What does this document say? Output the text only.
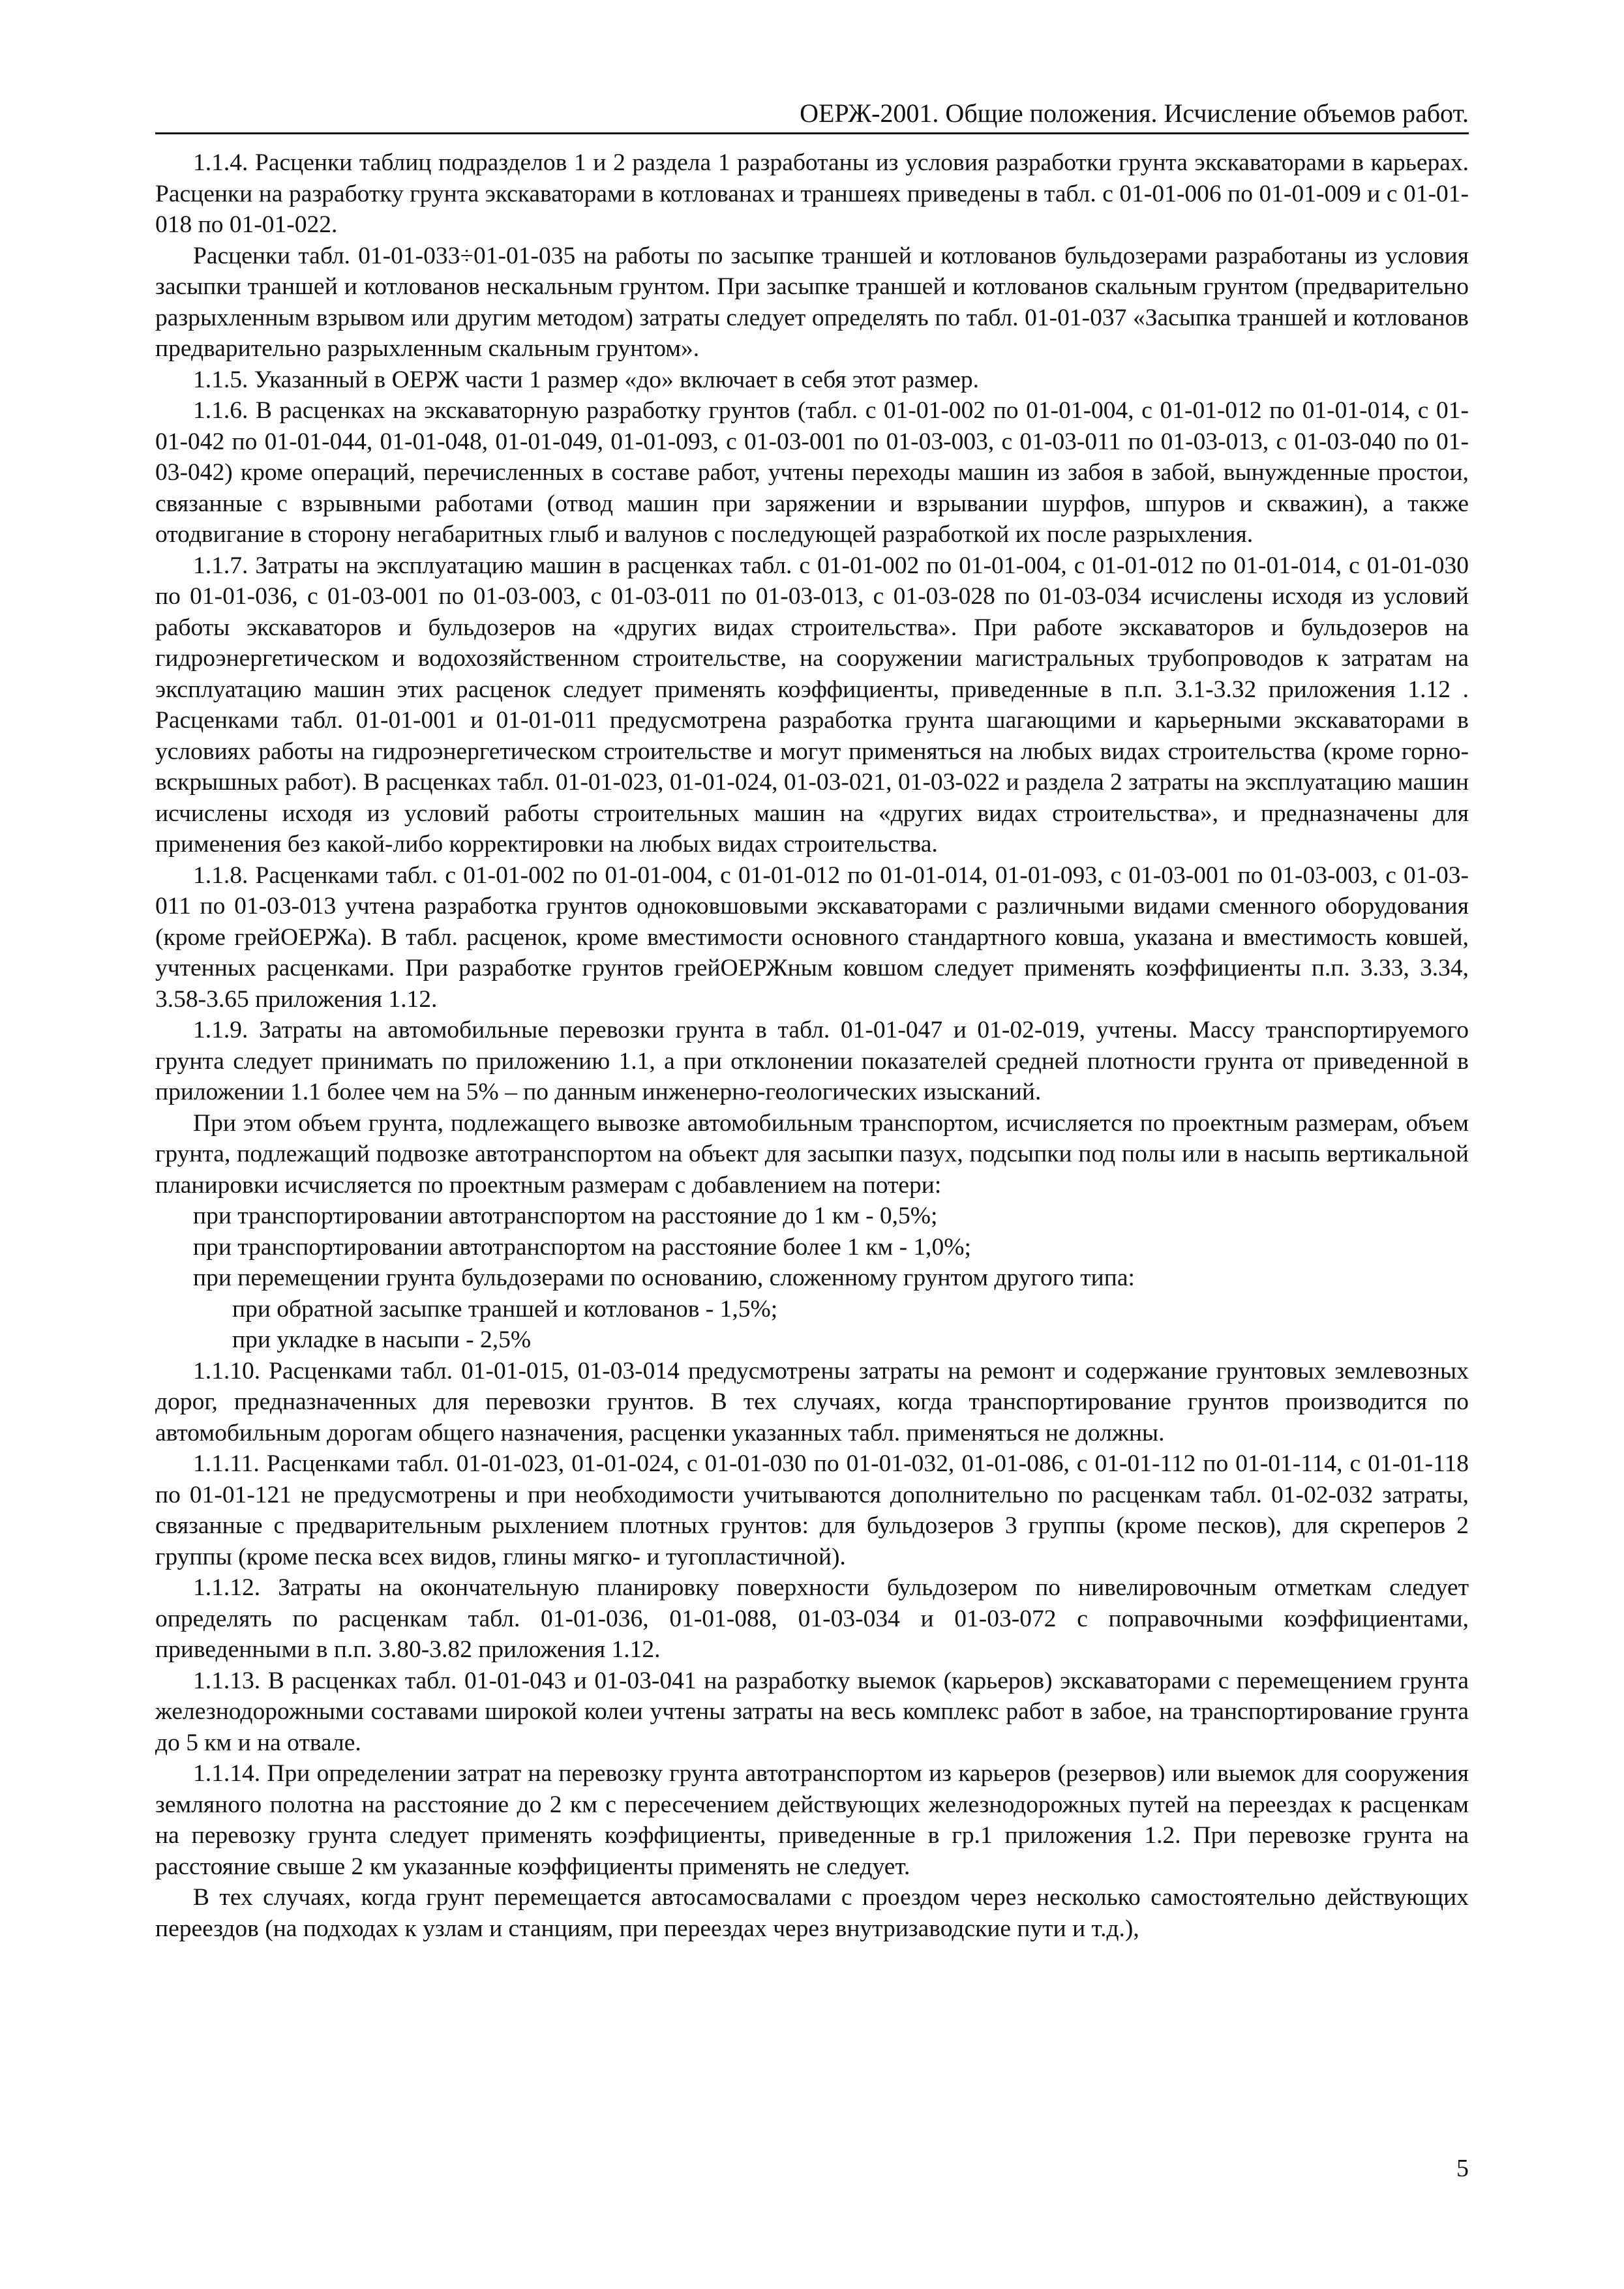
ОЕРЖ-2001. Общие положения. Исчисление объемов работ.

1.1.4. Расценки таблиц подразделов 1 и 2 раздела 1 разработаны из условия разработки грунта экскаваторами в карьерах. Расценки на разработку грунта экскаваторами в котлованах и траншеях приведены в табл. с 01-01-006 по 01-01-009 и с 01-01-018 по 01-01-022.

Расценки табл. 01-01-033÷01-01-035 на работы по засыпке траншей и котлованов бульдозерами разработаны из условия засыпки траншей и котлованов нескальным грунтом. При засыпке траншей и котлованов скальным грунтом (предварительно разрыхленным взрывом или другим методом) затраты следует определять по табл. 01-01-037 «Засыпка траншей и котлованов предварительно разрыхленным скальным грунтом».

1.1.5. Указанный в ОЕРЖ части 1 размер «до» включает в себя этот размер.

1.1.6. В расценках на экскаваторную разработку грунтов (табл. с 01-01-002 по 01-01-004, с 01-01-012 по 01-01-014, с 01-01-042 по 01-01-044, 01-01-048, 01-01-049, 01-01-093, с 01-03-001 по 01-03-003, с 01-03-011 по 01-03-013, с 01-03-040 по 01-03-042) кроме операций, перечисленных в составе работ, учтены переходы машин из забоя в забой, вынужденные простои, связанные с взрывными работами (отвод машин при заряжении и взрывании шурфов, шпуров и скважин), а также отодвигание в сторону негабаритных глыб и валунов с последующей разработкой их после разрыхления.

1.1.7. Затраты на эксплуатацию машин в расценках табл. с 01-01-002 по 01-01-004, с 01-01-012 по 01-01-014, с 01-01-030 по 01-01-036, с 01-03-001 по 01-03-003, с 01-03-011 по 01-03-013, с 01-03-028 по 01-03-034 исчислены исходя из условий работы экскаваторов и бульдозеров на «других видах строительства». При работе экскаваторов и бульдозеров на гидроэнергетическом и водохозяйственном строительстве, на сооружении магистральных трубопроводов к затратам на эксплуатацию машин этих расценок следует применять коэффициенты, приведенные в п.п. 3.1-3.32 приложения 1.12 . Расценками табл. 01-01-001 и 01-01-011 предусмотрена разработка грунта шагающими и карьерными экскаваторами в условиях работы на гидроэнергетическом строительстве и могут применяться на любых видах строительства (кроме горно-вскрышных работ). В расценках табл. 01-01-023, 01-01-024, 01-03-021, 01-03-022 и раздела 2 затраты на эксплуатацию машин исчислены исходя из условий работы строительных машин на «других видах строительства», и предназначены для применения без какой-либо корректировки на любых видах строительства.

1.1.8. Расценками табл. с 01-01-002 по 01-01-004, с 01-01-012 по 01-01-014, 01-01-093, с 01-03-001 по 01-03-003, с 01-03-011 по 01-03-013 учтена разработка грунтов одноковшовыми экскаваторами с различными видами сменного оборудования (кроме грейОЕРЖа). В табл. расценок, кроме вместимости основного стандартного ковша, указана и вместимость ковшей, учтенных расценками. При разработке грунтов грейОЕРЖным ковшом следует применять коэффициенты п.п. 3.33, 3.34, 3.58-3.65 приложения 1.12.

1.1.9. Затраты на автомобильные перевозки грунта в табл. 01-01-047 и 01-02-019, учтены. Массу транспортируемого грунта следует принимать по приложению 1.1, а при отклонении показателей средней плотности грунта от приведенной в приложении 1.1 более чем на 5% – по данным инженерно-геологических изысканий.

При этом объем грунта, подлежащего вывозке автомобильным транспортом, исчисляется по проектным размерам, объем грунта, подлежащий подвозке автотранспортом на объект для засыпки пазух, подсыпки под полы или в насыпь вертикальной планировки исчисляется по проектным размерам с добавлением на потери:

при транспортировании автотранспортом на расстояние до 1 км - 0,5%;

при транспортировании автотранспортом на расстояние более 1 км - 1,0%;

при перемещении грунта бульдозерами по основанию, сложенному грунтом другого типа:

при обратной засыпке траншей и котлованов - 1,5%;

при укладке в насыпи - 2,5%

1.1.10. Расценками табл. 01-01-015, 01-03-014 предусмотрены затраты на ремонт и содержание грунтовых землевозных дорог, предназначенных для перевозки грунтов. В тех случаях, когда транспортирование грунтов производится по автомобильным дорогам общего назначения, расценки указанных табл. применяться не должны.

1.1.11. Расценками табл. 01-01-023, 01-01-024, с 01-01-030 по 01-01-032, 01-01-086, с 01-01-112 по 01-01-114, с 01-01-118 по 01-01-121 не предусмотрены и при необходимости учитываются дополнительно по расценкам табл. 01-02-032 затраты, связанные с предварительным рыхлением плотных грунтов: для бульдозеров 3 группы (кроме песков), для скреперов 2 группы (кроме песка всех видов, глины мягко- и тугопластичной).

1.1.12. Затраты на окончательную планировку поверхности бульдозером по нивелировочным отметкам следует определять по расценкам табл. 01-01-036, 01-01-088, 01-03-034 и 01-03-072 с поправочными коэффициентами, приведенными в п.п. 3.80-3.82 приложения 1.12.

1.1.13. В расценках табл. 01-01-043 и 01-03-041 на разработку выемок (карьеров) экскаваторами с перемещением грунта железнодорожными составами широкой колеи учтены затраты на весь комплекс работ в забое, на транспортирование грунта до 5 км и на отвале.

1.1.14. При определении затрат на перевозку грунта автотранспортом из карьеров (резервов) или выемок для сооружения земляного полотна на расстояние до 2 км с пересечением действующих железнодорожных путей на переездах к расценкам на перевозку грунта следует применять коэффициенты, приведенные в гр.1 приложения 1.2. При перевозке грунта на расстояние свыше 2 км указанные коэффициенты применять не следует.

В тех случаях, когда грунт перемещается автосамосвалами с проездом через несколько самостоятельно действующих переездов (на подходах к узлам и станциям, при переездах через внутризаводские пути и т.д.),

5
